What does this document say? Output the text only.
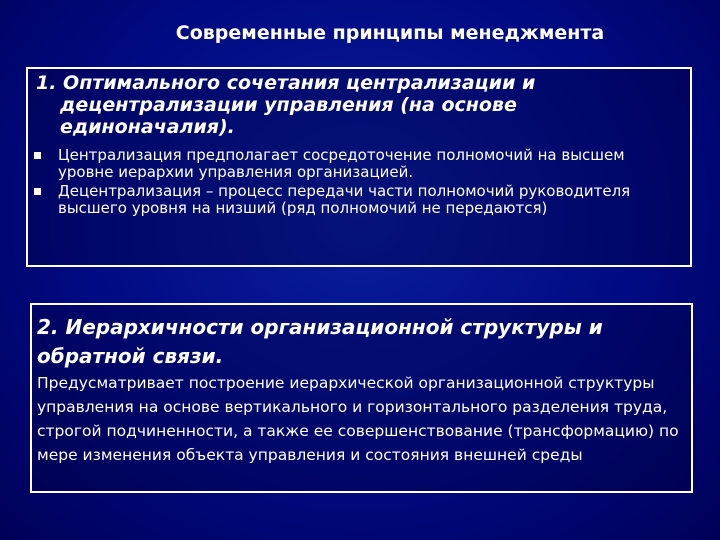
Современные принципы менеджмента
1. Оптимального сочетания централизации и
децентрализации управления (на основе единоначалия).
Централизация предполагает сосредоточение полномочий на высшем уровне иерархии управления организацией.
Децентрализация – процесс передачи части полномочий руководителя высшего уровня на низший (ряд полномочий не передаются)
2. Иерархичности организационной структуры и обратной связи.
Предусматривает построение иерархической организационной структуры управления на основе вертикального и горизонтального разделения труда, строгой подчиненности, а также ее совершенствование (трансформацию) по мере изменения объекта управления и состояния внешней среды
